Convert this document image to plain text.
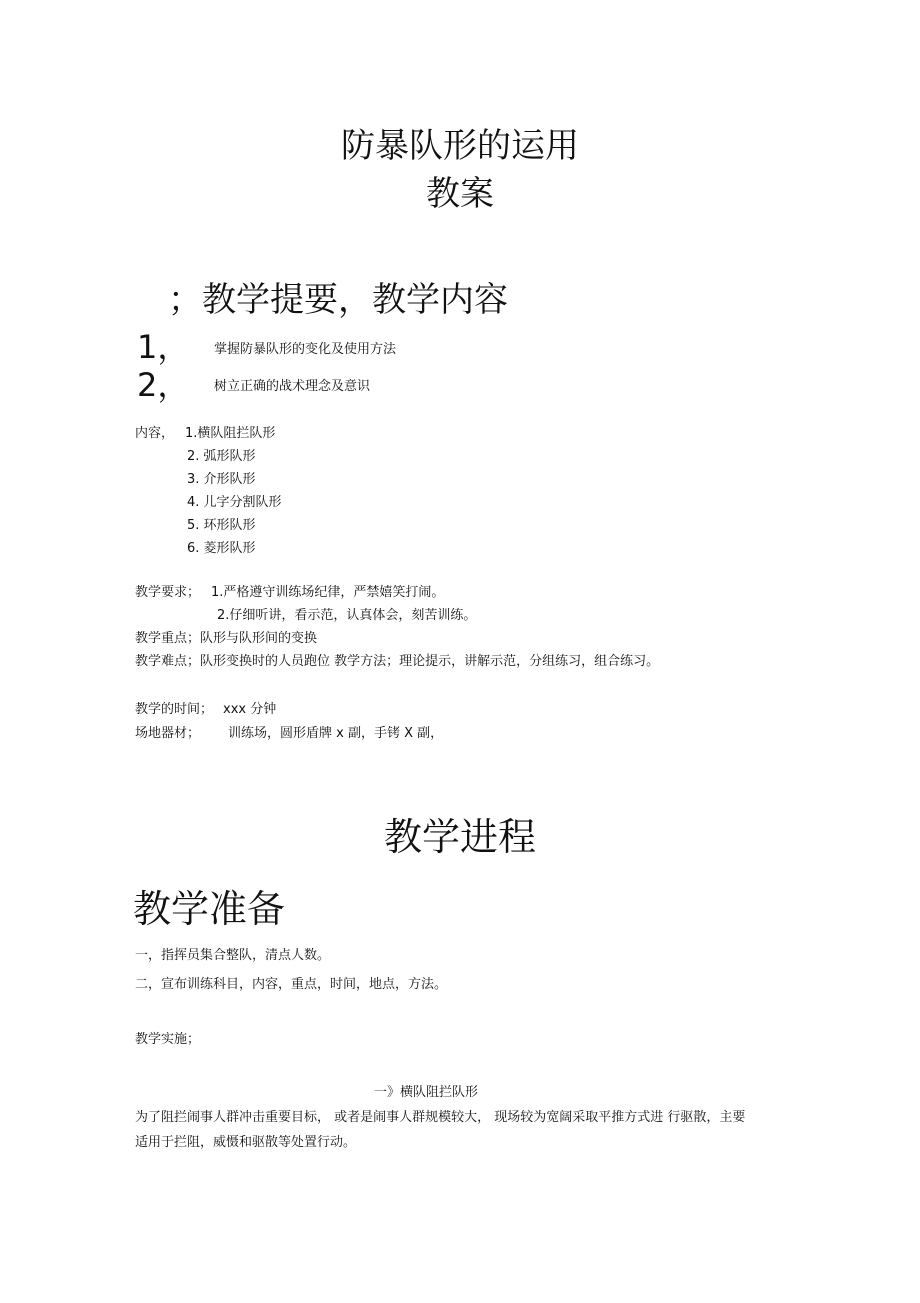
防暴队形的运用
教案
；教学提要，教学内容
1， 掌握防暴队形的变化及使用方法
2， 树立正确的战术理念及意识
内容， 1.横队阻拦队形
2. 弧形队形
3. 介形队形
4. 儿字分割队形
5. 环形队形
6. 菱形队形
教学要求； 1.严格遵守训练场纪律，严禁嬉笑打闹。
2.仔细听讲，看示范，认真体会，刻苦训练。
教学重点；队形与队形间的变换
教学难点；队形变换时的人员跑位 教学方法；理论提示，讲解示范，分组练习，组合练习。
教学的时间； xxx 分钟
场地器材； 训练场，圆形盾牌 x 副，手铐 X 副，
教学进程
教学准备
一，指挥员集合整队，清点人数。
二，宣布训练科目，内容，重点，时间，地点，方法。
教学实施；
一》横队阻拦队形
为了阻拦闹事人群冲击重要目标， 或者是闹事人群规模较大， 现场较为宽阔采取平推方式进 行驱散，主要
适用于拦阻，威慑和驱散等处置行动。
